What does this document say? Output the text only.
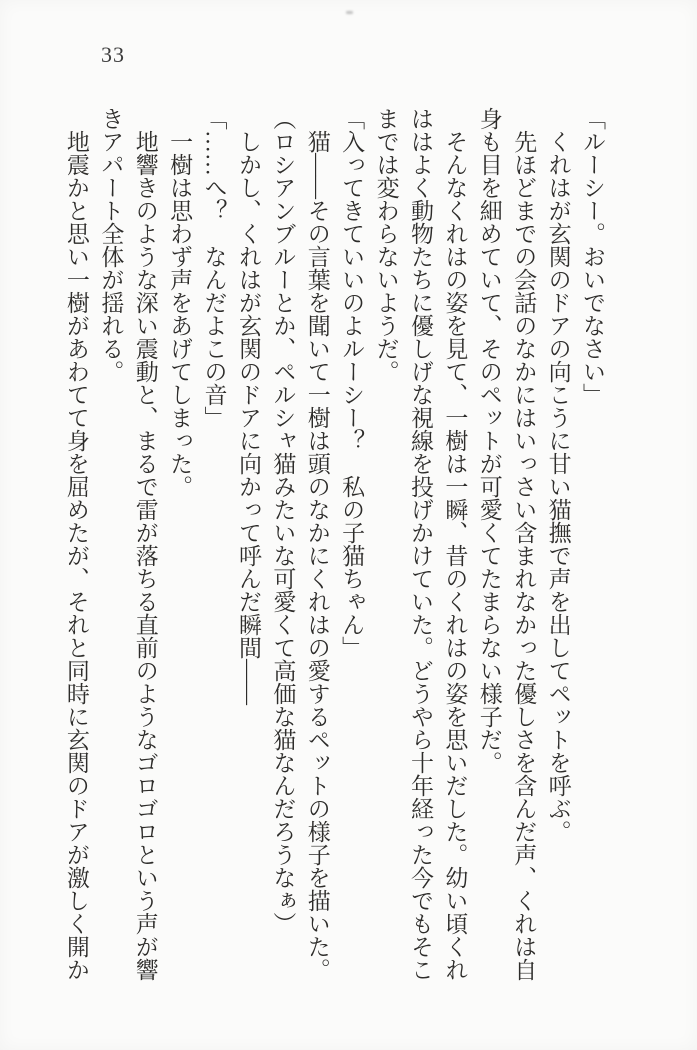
33

「ルーシー。おいでなさい」

　くれはが玄関のドアの向こうに甘い猫撫で声を出してペットを呼ぶ。

　先ほどまでの会話のなかにはいっさい含まれなかった優しさを含んだ声、くれは自身も目を細めていて、そのペットが可愛くてたまらない様子だ。

　そんなくれはの姿を見て、一樹は一瞬、昔のくれはの姿を思いだした。幼い頃くれははよく動物たちに優しげな視線を投げかけていた。どうやら十年経った今でもそこまでは変わらないようだ。

「入ってきていいのよルーシー？　私の子猫ちゃん」

　猫――その言葉を聞いて一樹は頭のなかにくれはの愛するペットの様子を描いた。

（ロシアンブルーとか、ペルシャ猫みたいな可愛くて高価な猫なんだろうなぁ）

　しかし、くれはが玄関のドアに向かって呼んだ瞬間――

「……へ？　なんだよこの音」

　一樹は思わず声をあげてしまった。

　地響きのような深い震動と、まるで雷が落ちる直前のようなゴロゴロという声が響きアパート全体が揺れる。

　地震かと思い一樹があわてて身を屈めたが、それと同時に玄関のドアが激しく開か
